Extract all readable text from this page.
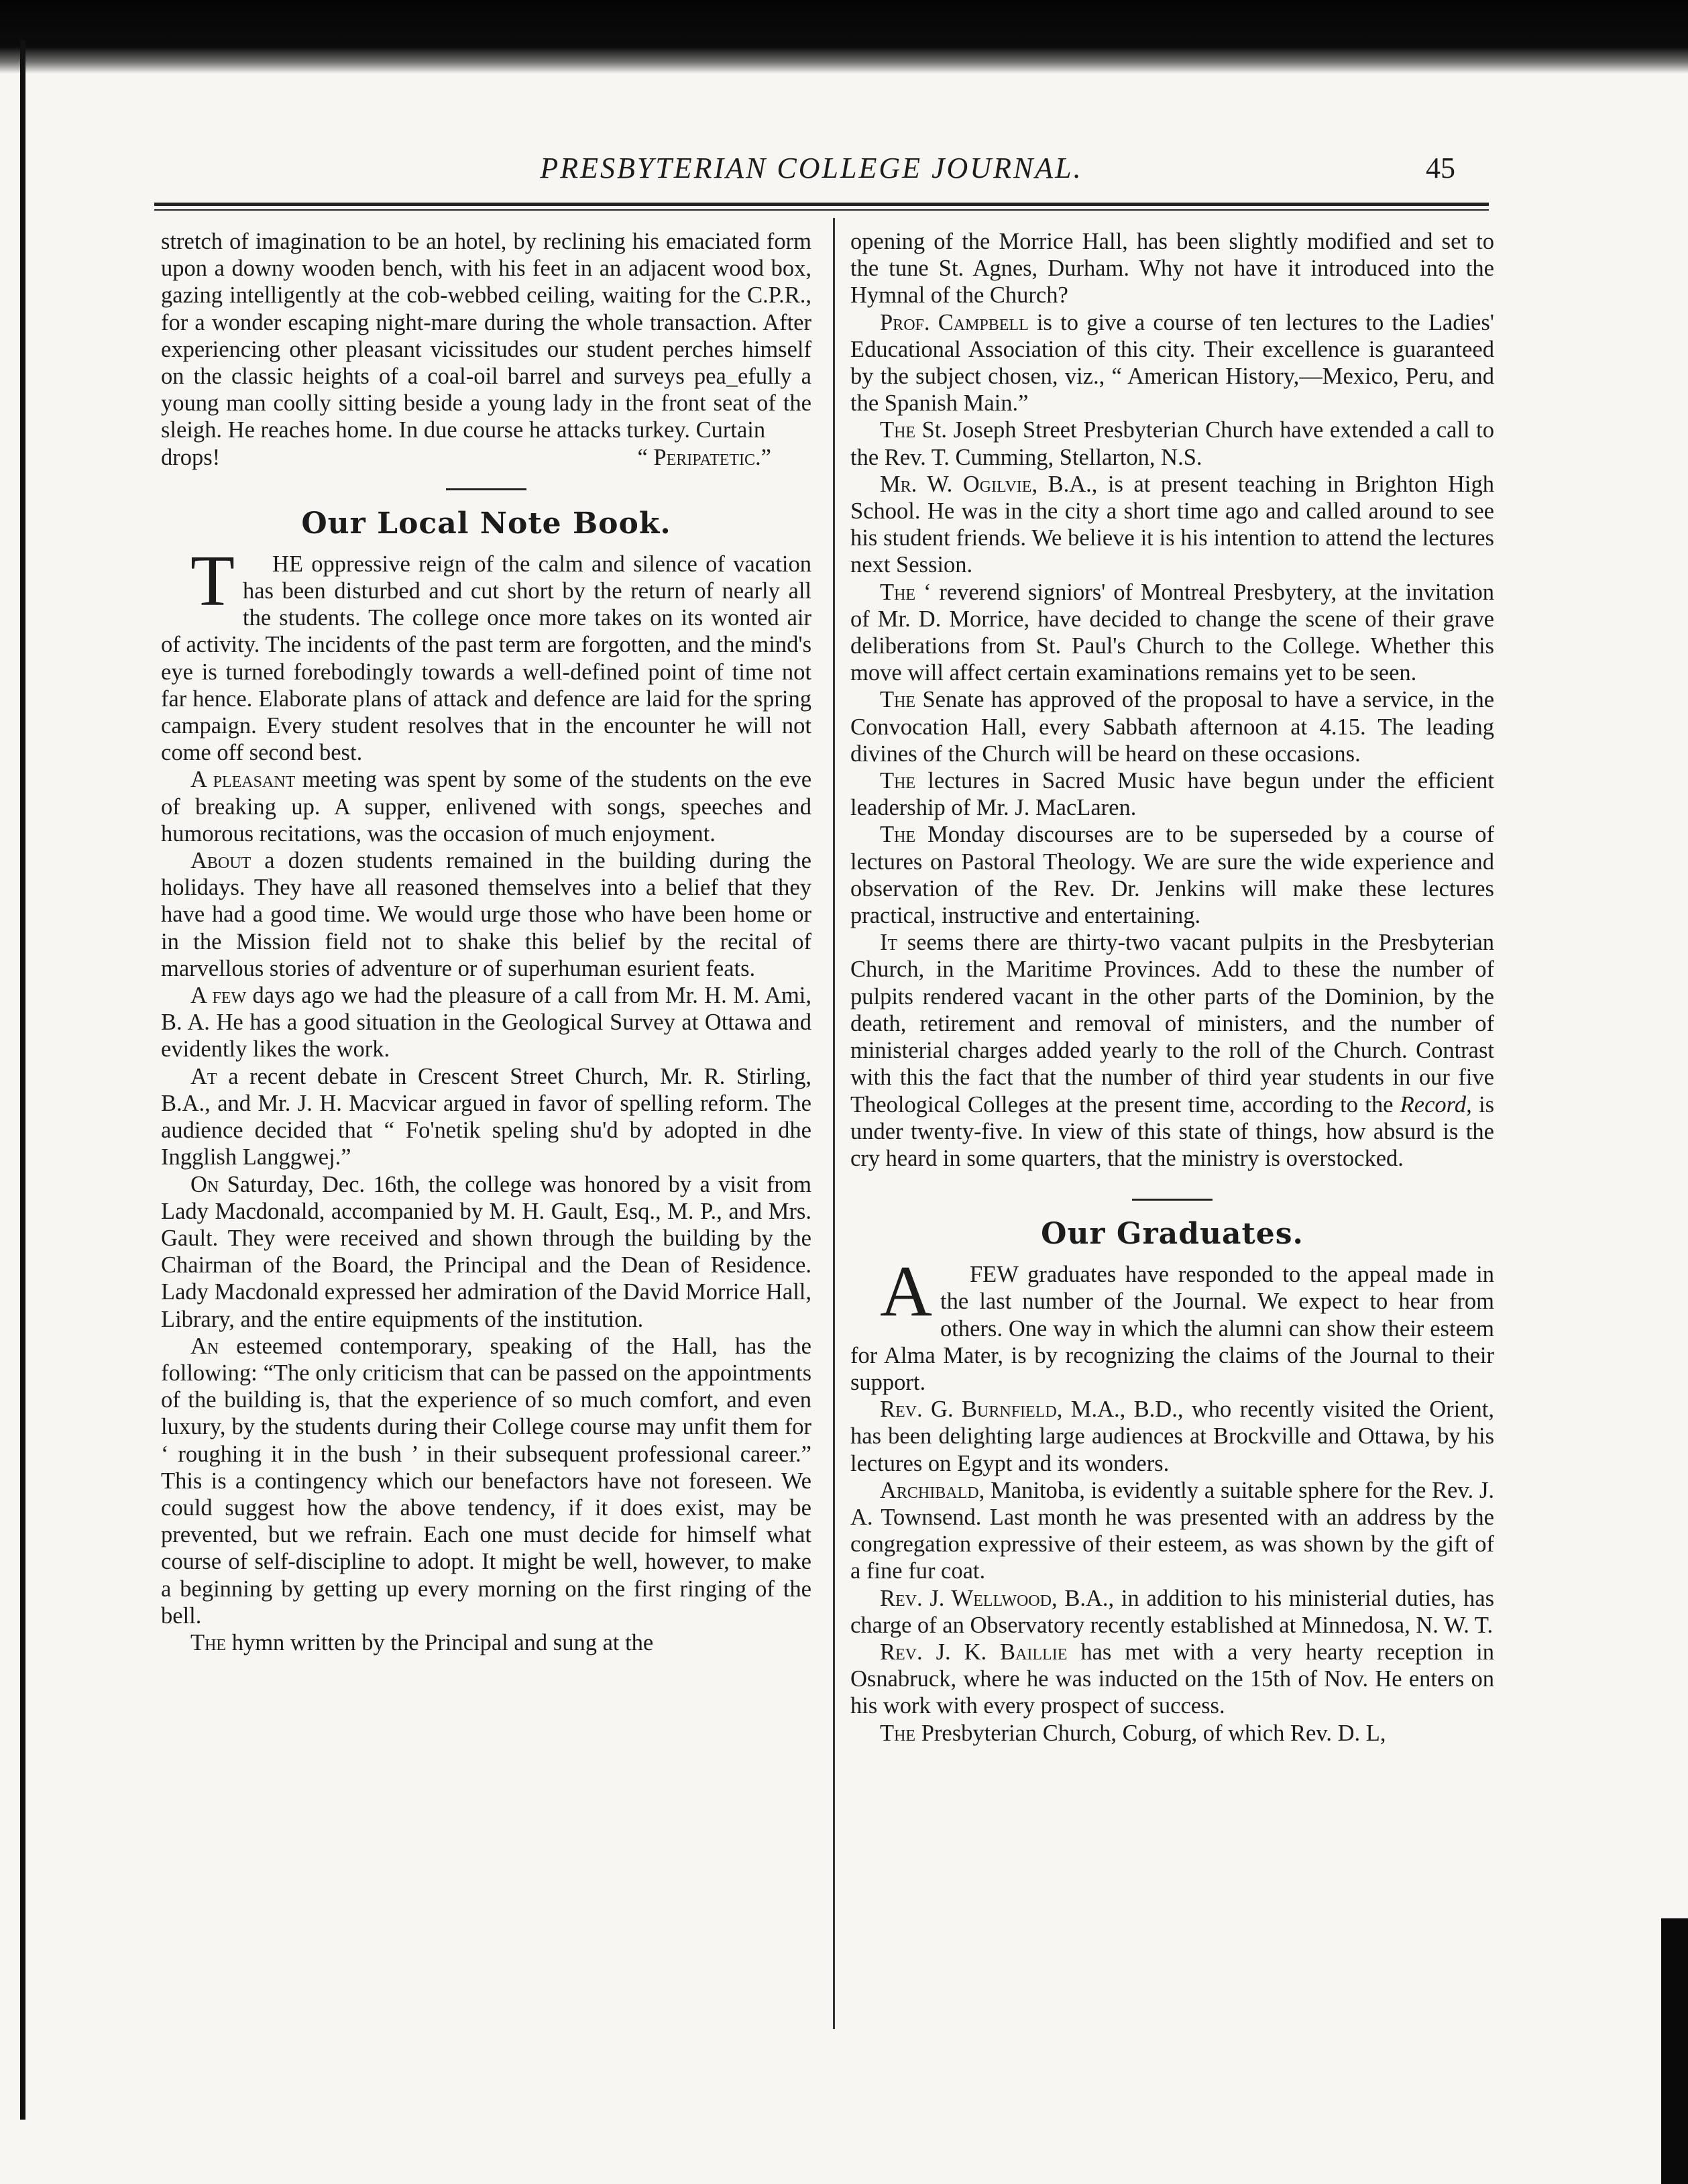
PRESBYTERIAN COLLEGE JOURNAL.	45

stretch of imagination to be an hotel, by reclining his emaciated form upon a downy wooden bench, with his feet in an adjacent wood box, gazing intelligently at the cob-webbed ceiling, waiting for the C.P.R., for a wonder escaping night-mare during the whole transaction. After experiencing other pleasant vicissitudes our student perches himself on the classic heights of a coal-oil barrel and surveys pea_efully a young man coolly sitting beside a young lady in the front seat of the sleigh. He reaches home. In due course he attacks turkey. Curtain

drops!	“ Peripatetic.”

Our Local Note Book.

T HE oppressive reign of the calm and silence of vacation has been disturbed and cut short by the return of nearly all the students. The college once more takes on its wonted air of activity. The incidents of the past term are forgotten, and the mind's eye is turned forebodingly towards a well-defined point of time not far hence. Elaborate plans of attack and defence are laid for the spring campaign. Every student resolves that in the encounter he will not come off second best.

A pleasant meeting was spent by some of the students on the eve of breaking up. A supper, enlivened with songs, speeches and humorous recitations, was the occasion of much enjoyment.

About a dozen students remained in the building during the holidays. They have all reasoned themselves into a belief that they have had a good time. We would urge those who have been home or in the Mission field not to shake this belief by the recital of marvellous stories of adventure or of superhuman esurient feats.

A few days ago we had the pleasure of a call from Mr. H. M. Ami, B. A. He has a good situation in the Geological Survey at Ottawa and evidently likes the work.

At a recent debate in Crescent Street Church, Mr. R. Stirling, B.A., and Mr. J. H. Macvicar argued in favor of spelling reform. The audience decided that “ Fo'netik speling shu'd by adopted in dhe Ingglish Langgwej.”

On Saturday, Dec. 16th, the college was honored by a visit from Lady Macdonald, accompanied by M. H. Gault, Esq., M. P., and Mrs. Gault. They were received and shown through the building by the Chairman of the Board, the Principal and the Dean of Residence. Lady Macdonald expressed her admiration of the David Morrice Hall, Library, and the entire equipments of the institution.

An esteemed contemporary, speaking of the Hall, has the following: “The only criticism that can be passed on the appointments of the building is, that the experience of so much comfort, and even luxury, by the students during their College course may unfit them for ‘ roughing it in the bush ’ in their subsequent professional career.” This is a contingency which our benefactors have not foreseen. We could suggest how the above tendency, if it does exist, may be prevented, but we refrain. Each one must decide for himself what course of self-discipline to adopt. It might be well, however, to make a beginning by getting up every morning on the first ringing of the bell.

The hymn written by the Principal and sung at the

opening of the Morrice Hall, has been slightly modified and set to the tune St. Agnes, Durham. Why not have it introduced into the Hymnal of the Church?

Prof. Campbell is to give a course of ten lectures to the Ladies' Educational Association of this city. Their excellence is guaranteed by the subject chosen, viz., “ American History,—Mexico, Peru, and the Spanish Main.”

The St. Joseph Street Presbyterian Church have extended a call to the Rev. T. Cumming, Stellarton, N.S.

Mr. W. Ogilvie, B.A., is at present teaching in Brighton High School. He was in the city a short time ago and called around to see his student friends. We believe it is his intention to attend the lectures next Session.

The ‘ reverend signiors' of Montreal Presbytery, at the invitation of Mr. D. Morrice, have decided to change the scene of their grave deliberations from St. Paul's Church to the College. Whether this move will affect certain examinations remains yet to be seen.

The Senate has approved of the proposal to have a service, in the Convocation Hall, every Sabbath afternoon at 4.15. The leading divines of the Church will be heard on these occasions.

The lectures in Sacred Music have begun under the efficient leadership of Mr. J. MacLaren.

The Monday discourses are to be superseded by a course of lectures on Pastoral Theology. We are sure the wide experience and observation of the Rev. Dr. Jenkins will make these lectures practical, instructive and entertaining.

It seems there are thirty-two vacant pulpits in the Presbyterian Church, in the Maritime Provinces. Add to these the number of pulpits rendered vacant in the other parts of the Dominion, by the death, retirement and removal of ministers, and the number of ministerial charges added yearly to the roll of the Church. Contrast with this the fact that the number of third year students in our five Theological Colleges at the present time, according to the Record, is under twenty-five. In view of this state of things, how absurd is the cry heard in some quarters, that the ministry is overstocked.

Our Graduates.

A FEW graduates have responded to the appeal made in the last number of the Journal. We expect to hear from others. One way in which the alumni can show their esteem for Alma Mater, is by recognizing the claims of the Journal to their support.

Rev. G. Burnfield, M.A., B.D., who recently visited the Orient, has been delighting large audiences at Brockville and Ottawa, by his lectures on Egypt and its wonders.

Archibald, Manitoba, is evidently a suitable sphere for the Rev. J. A. Townsend. Last month he was presented with an address by the congregation expressive of their esteem, as was shown by the gift of a fine fur coat.

Rev. J. Wellwood, B.A., in addition to his ministerial duties, has charge of an Observatory recently established at Minnedosa, N. W. T.

Rev. J. K. Baillie has met with a very hearty reception in Osnabruck, where he was inducted on the 15th of Nov. He enters on his work with every prospect of success.

The Presbyterian Church, Coburg, of which Rev. D. L,
